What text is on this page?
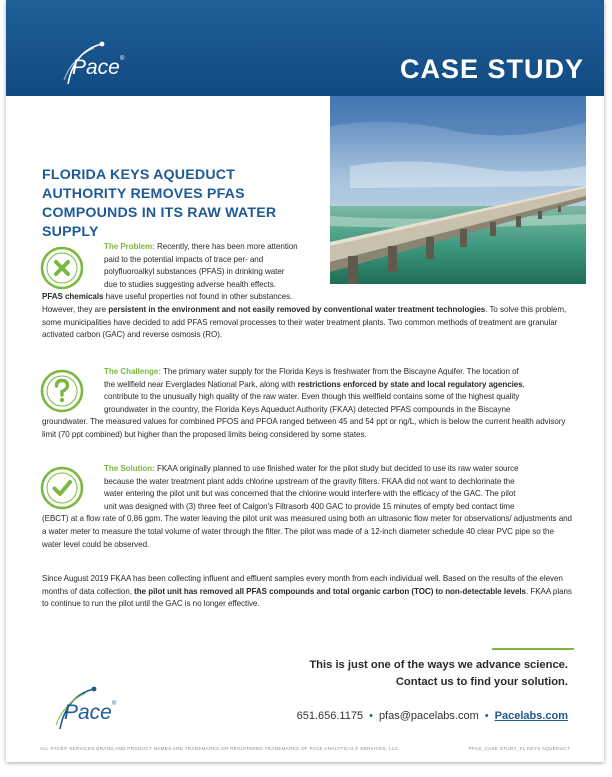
Pace ®	CASE STUDY
FLORIDA KEYS AQUEDUCT AUTHORITY REMOVES PFAS COMPOUNDS IN ITS RAW WATER SUPPLY
The Problem: Recently, there has been more attention
paid to the potential impacts of trace per- and
polyfluoroalkyl substances (PFAS) in drinking water
due to studies suggesting adverse health effects.

PFAS chemicals have useful properties not found in other substances.

However, they are persistent in the environment and not easily removed by conventional water treatment technologies. To solve this problem, some municipalities have decided to add PFAS removal processes to their water treatment plants. Two common methods of treatment are granular activated carbon (GAC) and reverse osmosis (RO).

The Challenge: The primary water supply for the Florida Keys is freshwater from the Biscayne Aquifer. The location of
the wellfield near Everglades National Park, along with restrictions enforced by state and local regulatory agencies,
contribute to the unusually high quality of the raw water. Even though this wellfield contains some of the highest quality
groundwater in the country, the Florida Keys Aqueduct Authority (FKAA) detected PFAS compounds in the Biscayne

groundwater. The measured values for combined PFOS and PFOA ranged between 45 and 54 ppt or ng/L, which is below the current health advisory limit (70 ppt combined) but higher than the proposed limits being considered by some states.

The Solution: FKAA originally planned to use finished water for the pilot study but decided to use its raw water source
because the water treatment plant adds chlorine upstream of the gravity filters. FKAA did not want to dechlorinate the
water entering the pilot unit but was concerned that the chlorine would interfere with the efficacy of the GAC. The pilot
unit was designed with (3) three feet of Calgon's Filtrasorb 400 GAC to provide 15 minutes of empty bed contact time

(EBCT) at a flow rate of 0.86 gpm. The water leaving the pilot unit was measured using both an ultrasonic flow meter for observations/ adjustments and a water meter to measure the total volume of water through the filter. The pilot was made of a 12-inch diameter schedule 40 clear PVC pipe so the water level could be observed.

Since August 2019 FKAA has been collecting influent and effluent samples every month from each individual well. Based on the results of the eleven months of data collection, the pilot unit has removed all PFAS compounds and total organic carbon (TOC) to non-detectable levels. FKAA plans to continue to run the pilot until the GAC is no longer effective.

This is just one of the ways we advance science.
Contact us to find your solution.
Pace ®
651.656.1175 • pfas@pacelabs.com • Pacelabs.com
ALL PACE® SERVICES BRAND AND PRODUCT NAMES ARE TRADEMARKS OR REGISTERED TRADEMARKS OF PACE ANALYTICAL® SERVICES, LLC.	PFAS_CASE STUDY_FL KEYS AQUEDUCT
